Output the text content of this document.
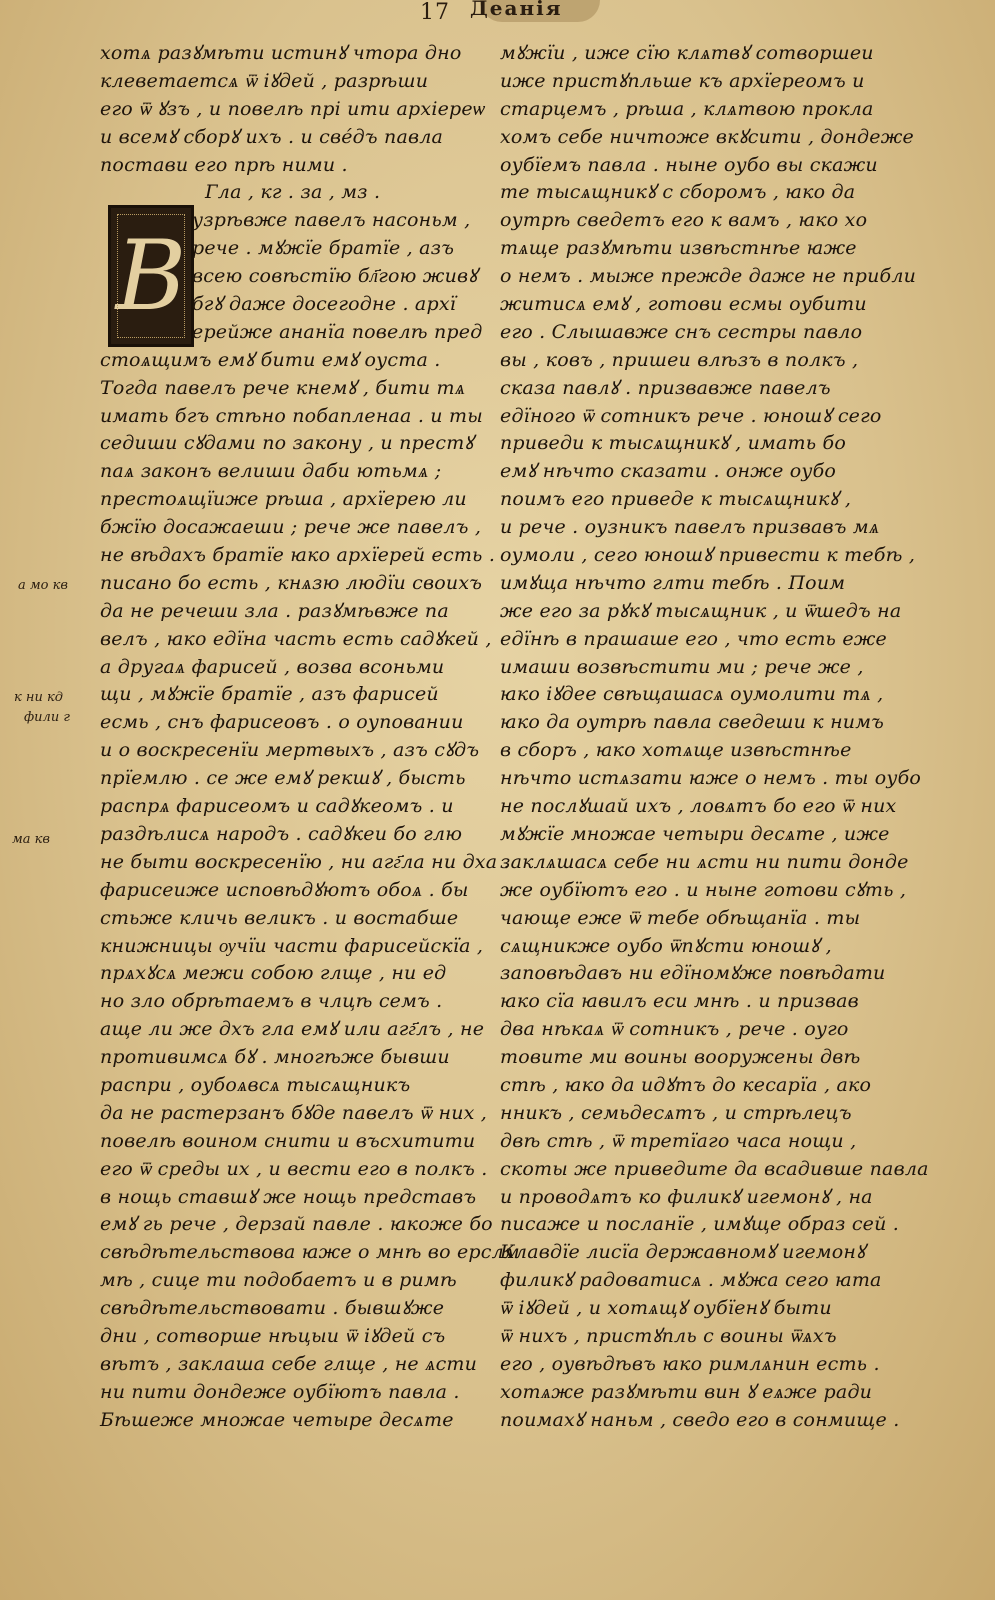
17 Деанія
В
хотѧ разꙋмѣти истинꙋ чтора дно
клеветаетсѧ ѿ іꙋдей , разрѣши
его ѿ ꙋзъ , и повелѣ прі ити архіереѡ
и всемꙋ сборꙋ ихъ . и све́дъ павла
постави его прѣ ними .
Гла , кг . за , мз .
узрѣвже павелъ насоньм ,
рече . мꙋжїе братїе , азъ
всею совѣстїю бл҃гою живꙋ
бгꙋ даже досегодне . архї
ерейже ананїа повелѣ пред
стоѧщимъ емꙋ бити емꙋ оуста .
Тогда павелъ рече кнемꙋ , бити тѧ
имать бгъ стѣно побапленаа . и ты
седиши сꙋдами по закону , и престꙋ
паѧ законъ велиши даби ютьмѧ ;
престоѧщїиже рѣша , архїерею ли
бжїю досажаеши ; рече же павелъ ,
не вѣдахъ братїе ꙗко архїерей есть .
писано бо есть , кнѧзю людїи своихъ
да не речеши зла . разꙋмѣвже па
велъ , ꙗко едїна часть есть садꙋкей ,
а другаѧ фарисей , возва всоньми
щи , мꙋжїе братїе , азъ фарисей
есмь , снъ фарисеовъ . о оуповании
и о воскресенїи мертвыхъ , азъ сꙋдъ
прїемлю . се же емꙋ рекшꙋ , бысть
распрѧ фарисеомъ и садꙋкеомъ . и
раздѣлисѧ народъ . садꙋкеи бо глю
не быти воскресенїю , ни агг҃ла ни дха .
фарисеиже исповѣдꙋютъ обоѧ . бы
стьже кличь великъ . и востабше
книжницы ѹчїи части фарисейскїа ,
прѧхꙋсѧ межи собою глще , ни ед
но зло обрѣтаемъ в члцѣ семъ .
аще ли же дхъ гла емꙋ или агг҃лъ , не
противимсѧ бꙋ . многѣже бывши
распри , оубоѧвсѧ тысѧщникъ
да не растерзанъ бꙋде павелъ ѿ них ,
повелѣ воином снити и въсхитити
его ѿ среды их , и вести его в полкъ .
в нощь ставшꙋ же нощь представъ
емꙋ гь рече , дерзай павле . ꙗкоже бо
свѣдѣтельствова ꙗже о мнѣ во ерслм
мѣ , сице ти подобаетъ и в римѣ
свѣдѣтельствовати . бывшꙋже
дни , сотворше нѣцыи ѿ іꙋдей съ
вѣтъ , заклаша себе глще , не ѧсти
ни пити дондеже оубїютъ павла .
Бѣшеже множае четыре десѧте
мꙋжїи , иже сїю клѧтвꙋ сотворшеи
иже пристꙋпльше къ архїереомъ и
старцемъ , рѣша , клѧтвою прокла
хомъ себе ничтоже вкꙋсити , дондеже
оубїемъ павла . ныне оубо вы скажи
те тысѧщникꙋ с сборомъ , ꙗко да
оутрѣ сведетъ его к вамъ , ꙗко хо
тѧще разꙋмѣти извѣстнѣе ꙗже
о немъ . мыже прежде даже не прибли
житисѧ емꙋ , готови есмы оубити
его . Слышавже снъ сестры павло
вы , ковъ , пришеи влѣзъ в полкъ ,
сказа павлꙋ . призвавже павелъ
едїного ѿ сотникъ рече . юношꙋ сего
приведи к тысѧщникꙋ , имать бо
емꙋ нѣчто сказати . онже оубо
поимъ его приведе к тысѧщникꙋ ,
и рече . оузникъ павелъ призвавъ мѧ
оумоли , сего юношꙋ привести к тебѣ ,
имꙋща нѣчто глти тебѣ . Поим
же его за рꙋкꙋ тысѧщник , и ѿшедъ на
едїнѣ в прашаше его , что есть еже
имаши возвѣстити ми ; рече же ,
ꙗко іꙋдее свѣщашасѧ оумолити тѧ ,
ꙗко да оутрѣ павла сведеши к нимъ
в сборъ , ꙗко хотѧще извѣстнѣе
нѣчто истѧзати ꙗже о немъ . ты оубо
не послꙋшай ихъ , ловѧтъ бо его ѿ них
мꙋжїе множае четыри десѧте , иже
заклѧшасѧ себе ни ѧсти ни пити донде
же оубїютъ его . и ныне готови сꙋть ,
чающе еже ѿ тебе обѣщанїа . ты
сѧщникже оубо ѿпꙋсти юношꙋ ,
заповѣдавъ ни едїномꙋже повѣдати
ꙗко сїа ꙗвилъ еси мнѣ . и призвав
два нѣкаѧ ѿ сотникъ , рече . оуго
товите ми воины вооружены двѣ
стѣ , ꙗко да идꙋтъ до кесарїа , ако
нникъ , семьдесѧтъ , и стрѣлецъ
двѣ стѣ , ѿ третїаго часа нощи ,
скоты же приведите да всадивше павла
и проводѧтъ ко филикꙋ игемонꙋ , на
писаже и посланїе , имꙋще образ сей .
Клавдїе лисїа державномꙋ игемонꙋ
филикꙋ радоватисѧ . мꙋжа сего ꙗта
ѿ іꙋдей , и хотѧщꙋ оубїенꙋ быти
ѿ нихъ , пристꙋпль с воины ѿѧхъ
его , оувѣдѣвъ ꙗко римлѧнин есть .
хотѧже разꙋмѣти вин ꙋ еѧже ради
поимахꙋ наньм , сведо его в сонмище .
а мо кв
к ни кд
фили г
ма кв
